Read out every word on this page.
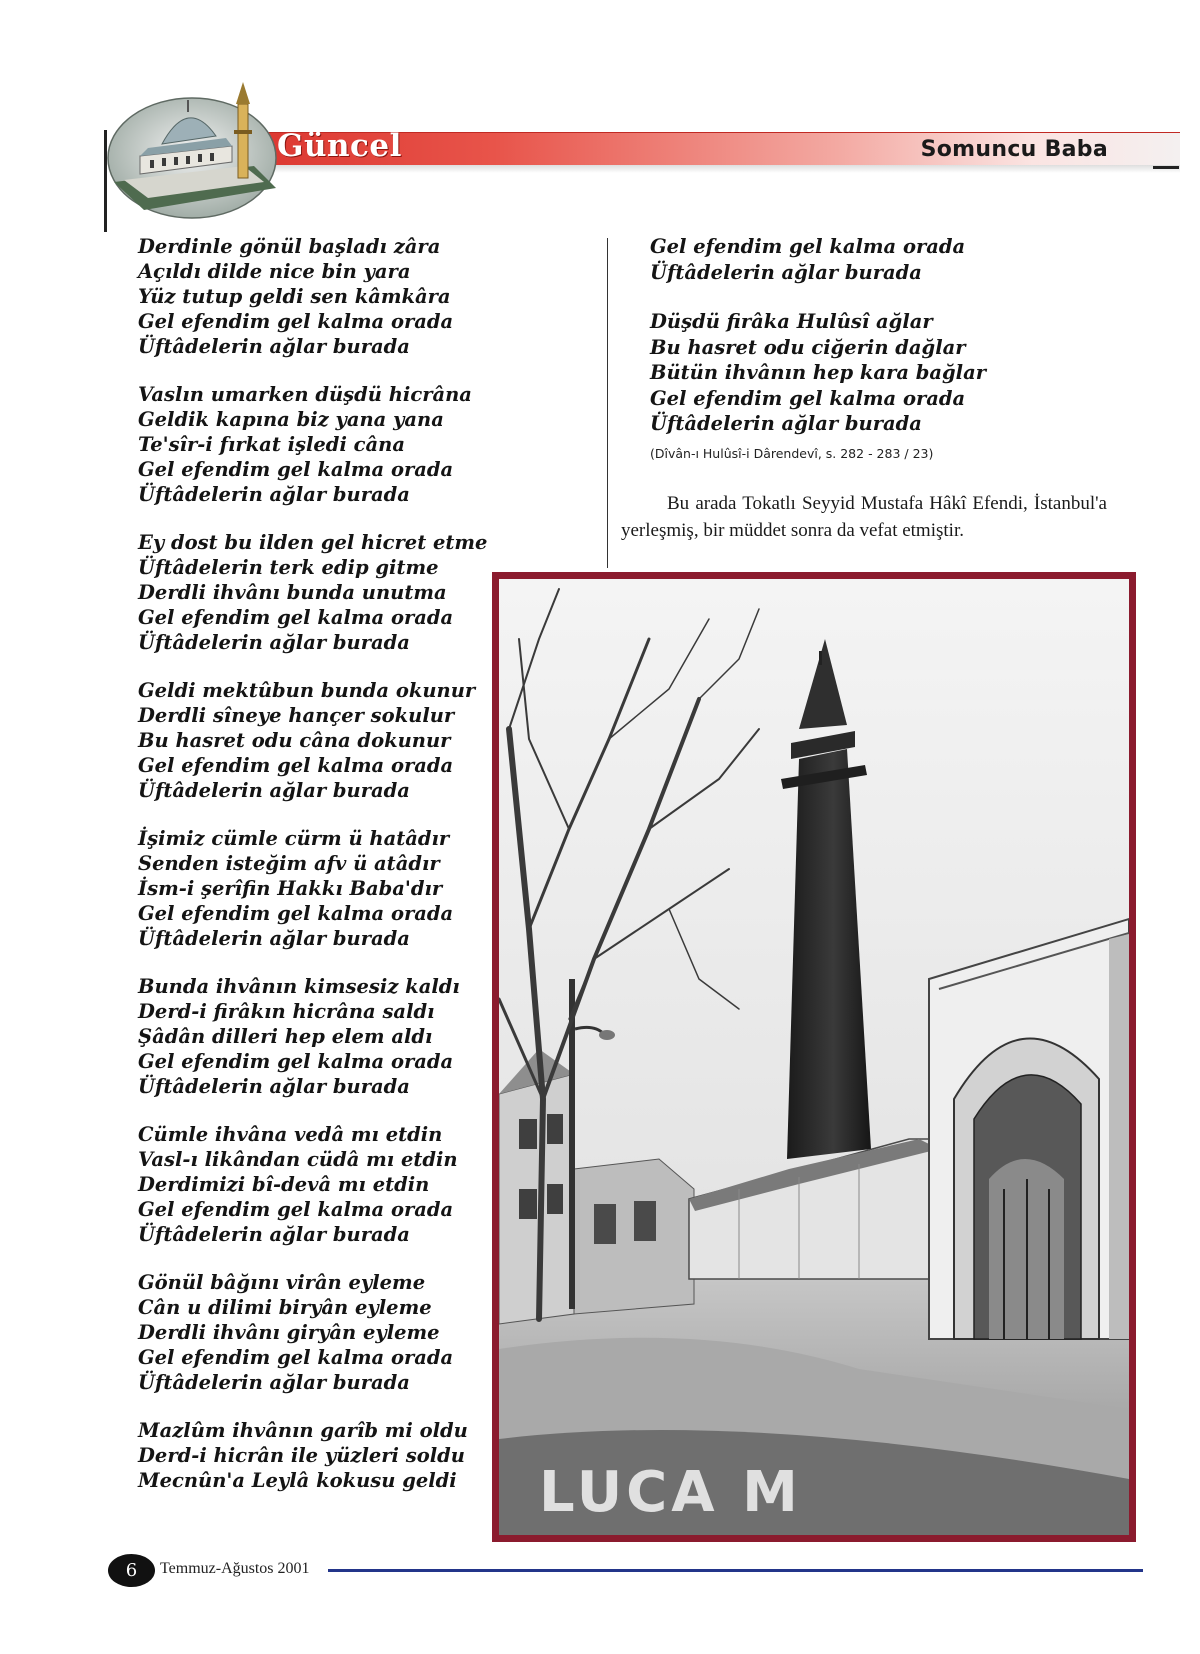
Güncel	Somuncu Baba
Derdinle gönül başladı zâra
Açıldı dilde nice bin yara
Yüz tutup geldi sen kâmkâra
Gel efendim gel kalma orada
Üftâdelerin ağlar burada
Vaslın umarken düşdü hicrâna
Geldik kapına biz yana yana
Te'sîr-i fırkat işledi câna
Gel efendim gel kalma orada
Üftâdelerin ağlar burada
Ey dost bu ilden gel hicret etme
Üftâdelerin terk edip gitme
Derdli ihvânı bunda unutma
Gel efendim gel kalma orada
Üftâdelerin ağlar burada
Geldi mektûbun bunda okunur
Derdli sîneye hançer sokulur
Bu hasret odu câna dokunur
Gel efendim gel kalma orada
Üftâdelerin ağlar burada
İşimiz cümle cürm ü hatâdır
Senden isteğim afv ü atâdır
İsm-i şerîfin Hakkı Baba'dır
Gel efendim gel kalma orada
Üftâdelerin ağlar burada
Bunda ihvânın kimsesiz kaldı
Derd-i firâkın hicrâna saldı
Şâdân dilleri hep elem aldı
Gel efendim gel kalma orada
Üftâdelerin ağlar burada
Cümle ihvâna vedâ mı etdin
Vasl-ı likândan cüdâ mı etdin
Derdimizi bî-devâ mı etdin
Gel efendim gel kalma orada
Üftâdelerin ağlar burada
Gönül bâğını virân eyleme
Cân u dilimi biryân eyleme
Derdli ihvânı giryân eyleme
Gel efendim gel kalma orada
Üftâdelerin ağlar burada
Mazlûm ihvânın garîb mi oldu
Derd-i hicrân ile yüzleri soldu
Mecnûn'a Leylâ kokusu geldi
Gel efendim gel kalma orada
Üftâdelerin ağlar burada
Düşdü firâka Hulûsî ağlar
Bu hasret odu ciğerin dağlar
Bütün ihvânın hep kara bağlar
Gel efendim gel kalma orada
Üftâdelerin ağlar burada
(Dîvân-ı Hulûsî-i Dârendevî, s. 282 - 283 / 23)
Bu arada Tokatlı Seyyid Mustafa Hâkî Efendi, İstanbul'a yerleşmiş, bir müddet sonra da vefat etmiştir.
LUCA M
6	Temmuz-Ağustos 2001
